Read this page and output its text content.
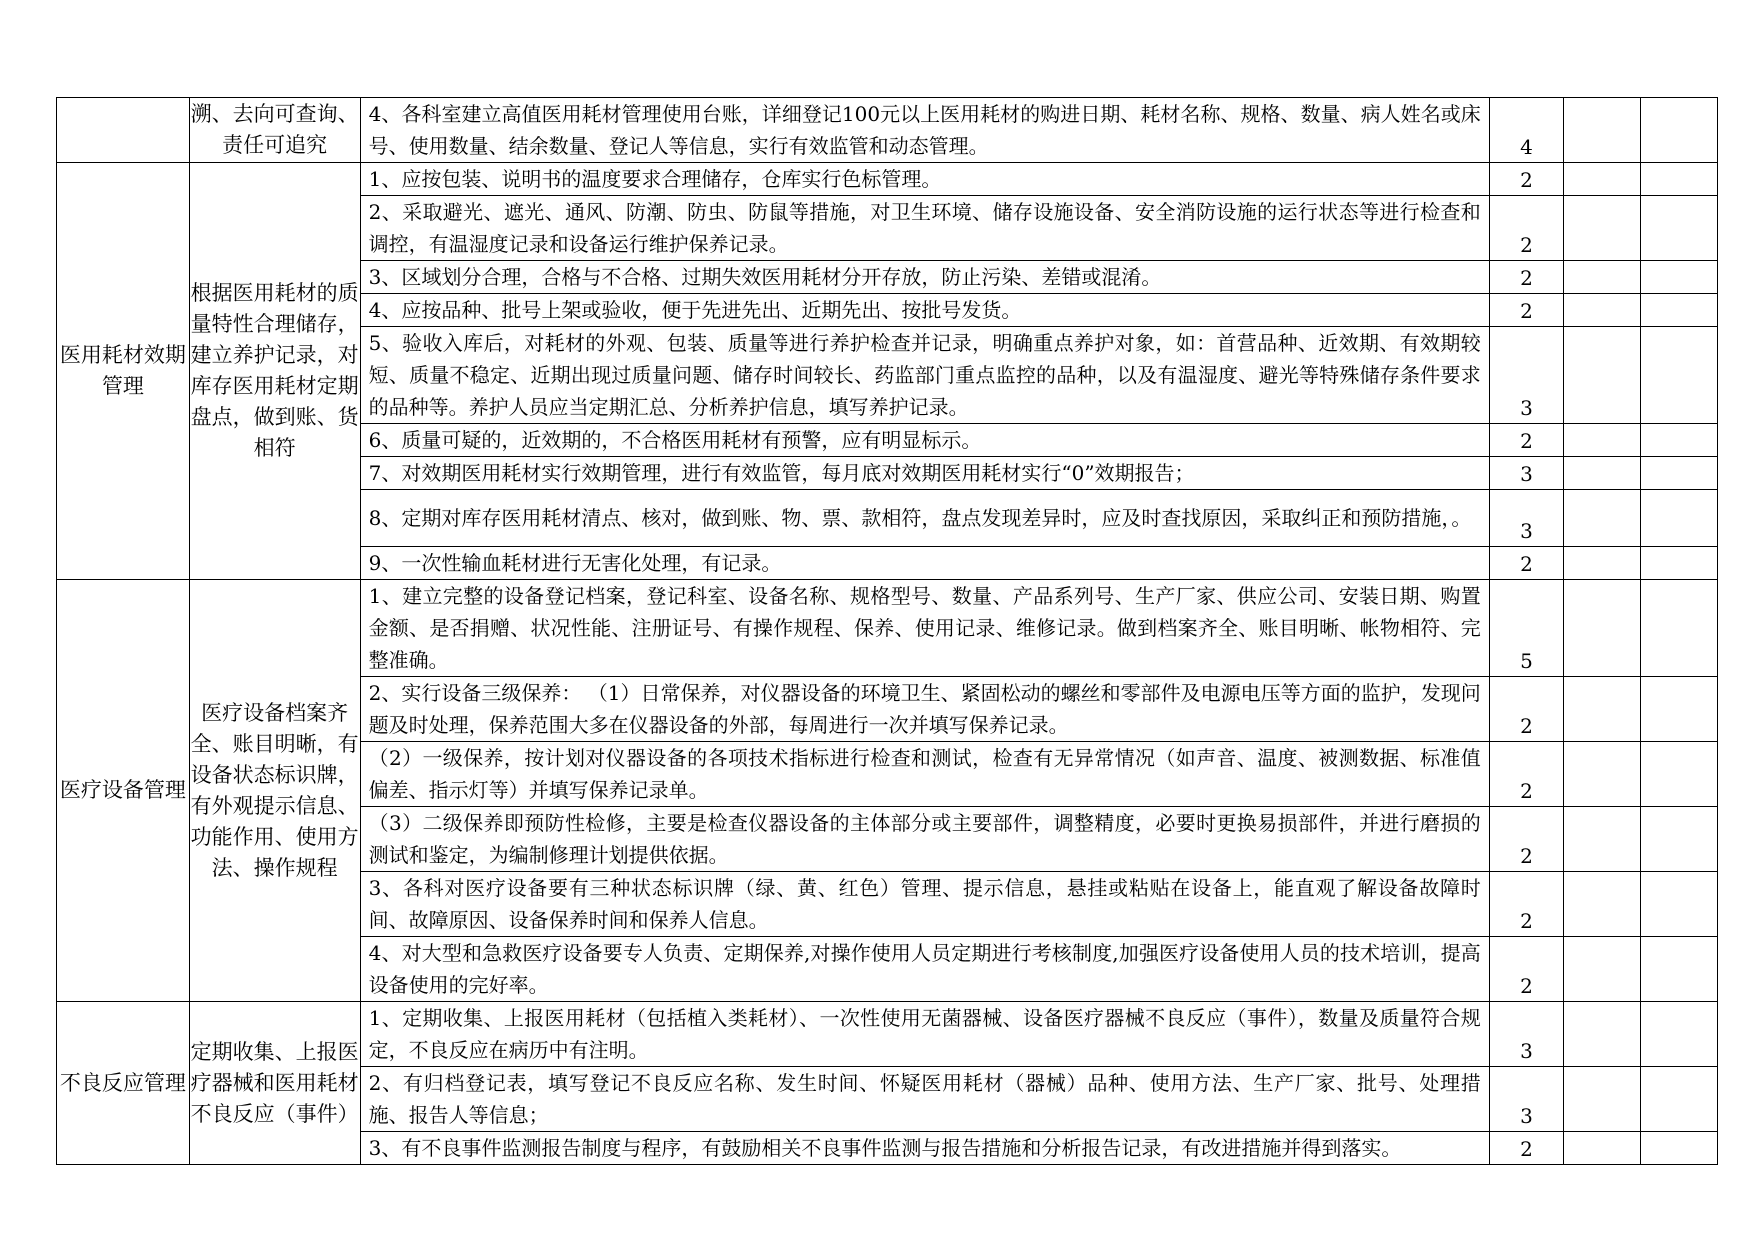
	溯、去向可查询、责任可追究	4、各科室建立高值医用耗材管理使用台账，详细登记100元以上医用耗材的购进日期、耗材名称、规格、数量、病人姓名或床号、使用数量、结余数量、登记人等信息，实行有效监管和动态管理。	4		
医用耗材效期管理	根据医用耗材的质量特性合理储存，建立养护记录，对库存医用耗材定期盘点，做到账、货相符	1、应按包装、说明书的温度要求合理储存，仓库实行色标管理。	2		
		2、采取避光、遮光、通风、防潮、防虫、防鼠等措施，对卫生环境、储存设施设备、安全消防设施的运行状态等进行检查和调控，有温湿度记录和设备运行维护保养记录。	2		
		3、区域划分合理，合格与不合格、过期失效医用耗材分开存放，防止污染、差错或混淆。	2		
		4、应按品种、批号上架或验收，便于先进先出、近期先出、按批号发货。	2		
		5、验收入库后，对耗材的外观、包装、质量等进行养护检查并记录，明确重点养护对象，如：首营品种、近效期、有效期较短、质量不稳定、近期出现过质量问题、储存时间较长、药监部门重点监控的品种，以及有温湿度、避光等特殊储存条件要求的品种等。养护人员应当定期汇总、分析养护信息，填写养护记录。	3		
		6、质量可疑的，近效期的，不合格医用耗材有预警，应有明显标示。	2		
		7、对效期医用耗材实行效期管理，进行有效监管，每月底对效期医用耗材实行“0”效期报告；	3		
		8、定期对库存医用耗材清点、核对，做到账、物、票、款相符，盘点发现差异时，应及时查找原因，采取纠正和预防措施，。	3		
		9、一次性输血耗材进行无害化处理，有记录。	2		
医疗设备管理	医疗设备档案齐全、账目明晰，有设备状态标识牌，有外观提示信息、功能作用、使用方法、操作规程	1、建立完整的设备登记档案，登记科室、设备名称、规格型号、数量、产品系列号、生产厂家、供应公司、安装日期、购置金额、是否捐赠、状况性能、注册证号、有操作规程、保养、使用记录、维修记录。做到档案齐全、账目明晰、帐物相符、完整准确。	5		
		2、实行设备三级保养： （1）日常保养，对仪器设备的环境卫生、紧固松动的螺丝和零部件及电源电压等方面的监护，发现问题及时处理，保养范围大多在仪器设备的外部，每周进行一次并填写保养记录。	2		
		（2）一级保养，按计划对仪器设备的各项技术指标进行检查和测试，检查有无异常情况（如声音、温度、被测数据、标准值偏差、指示灯等）并填写保养记录单。	2		
		（3）二级保养即预防性检修，主要是检查仪器设备的主体部分或主要部件，调整精度，必要时更换易损部件，并进行磨损的测试和鉴定，为编制修理计划提供依据。	2		
		3、各科对医疗设备要有三种状态标识牌（绿、黄、红色）管理、提示信息，悬挂或粘贴在设备上，能直观了解设备故障时间、故障原因、设备保养时间和保养人信息。	2		
		4、对大型和急救医疗设备要专人负责、定期保养,对操作使用人员定期进行考核制度,加强医疗设备使用人员的技术培训，提高设备使用的完好率。	2		
不良反应管理	定期收集、上报医疗器械和医用耗材不良反应（事件）	1、定期收集、上报医用耗材（包括植入类耗材）、一次性使用无菌器械、设备医疗器械不良反应（事件），数量及质量符合规定，不良反应在病历中有注明。	3		
		2、有归档登记表，填写登记不良反应名称、发生时间、怀疑医用耗材（器械）品种、使用方法、生产厂家、批号、处理措施、报告人等信息；	3		
		3、有不良事件监测报告制度与程序，有鼓励相关不良事件监测与报告措施和分析报告记录，有改进措施并得到落实。	2		
